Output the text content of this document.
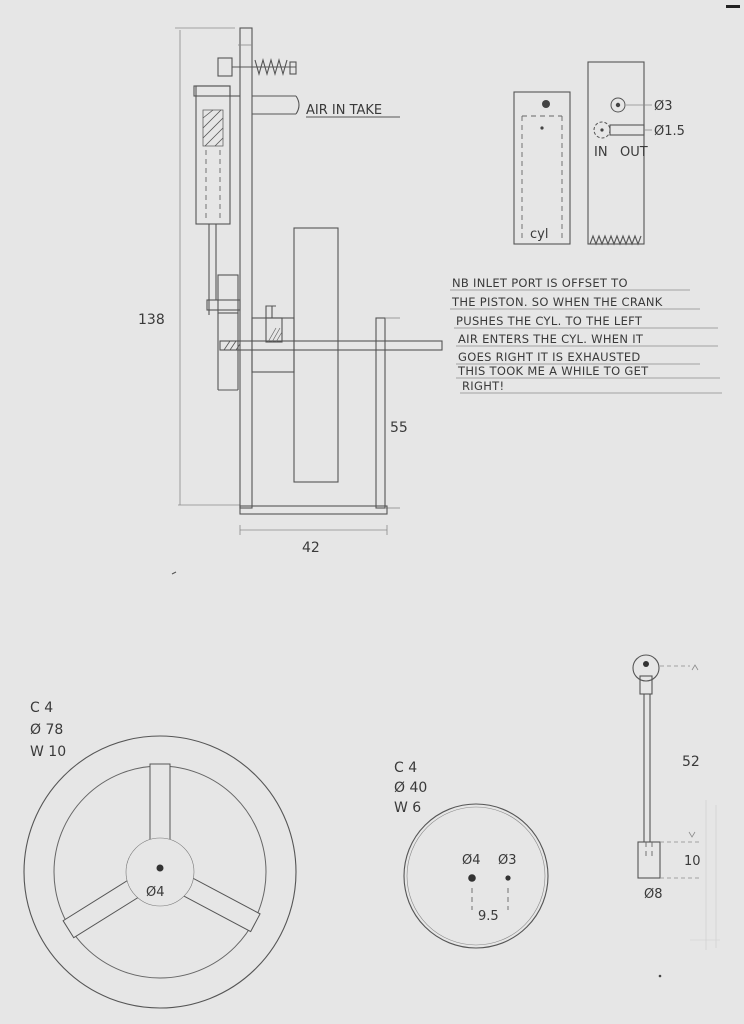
AIR IN TAKE
138
42
55
cyl
Ø3
Ø1.5
IN OUT
NB INLET PORT IS OFFSET TO
THE PISTON. SO WHEN THE CRANK
PUSHES THE CYL. TO THE LEFT
AIR ENTERS THE CYL. WHEN IT
GOES RIGHT IT IS EXHAUSTED
THIS TOOK ME A WHILE TO GET
RIGHT!
C 4
Ø 78
W 10
Ø4
C 4
Ø 40
W 6
Ø4 Ø3
9.5
52
10
Ø8
